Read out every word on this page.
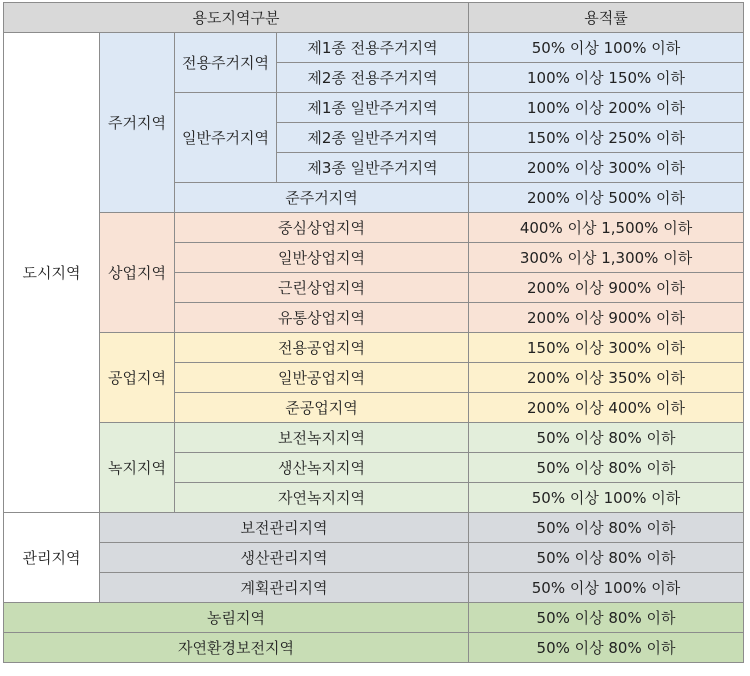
용도지역구분				용적률
도시지역	주거지역	전용주거지역	제1종 전용주거지역	50% 이상 100% 이하
			제2종 전용주거지역	100% 이상 150% 이하
		일반주거지역	제1종 일반주거지역	100% 이상 200% 이하
			제2종 일반주거지역	150% 이상 250% 이하
			제3종 일반주거지역	200% 이상 300% 이하
		준주거지역		200% 이상 500% 이하
	상업지역	중심상업지역		400% 이상 1,500% 이하
		일반상업지역		300% 이상 1,300% 이하
		근린상업지역		200% 이상 900% 이하
		유통상업지역		200% 이상 900% 이하
	공업지역	전용공업지역		150% 이상 300% 이하
		일반공업지역		200% 이상 350% 이하
		준공업지역		200% 이상 400% 이하
	녹지지역	보전녹지지역		50% 이상 80% 이하
		생산녹지지역		50% 이상 80% 이하
		자연녹지지역		50% 이상 100% 이하
관리지역	보전관리지역			50% 이상 80% 이하
	생산관리지역			50% 이상 80% 이하
	계획관리지역			50% 이상 100% 이하
농림지역				50% 이상 80% 이하
자연환경보전지역				50% 이상 80% 이하
